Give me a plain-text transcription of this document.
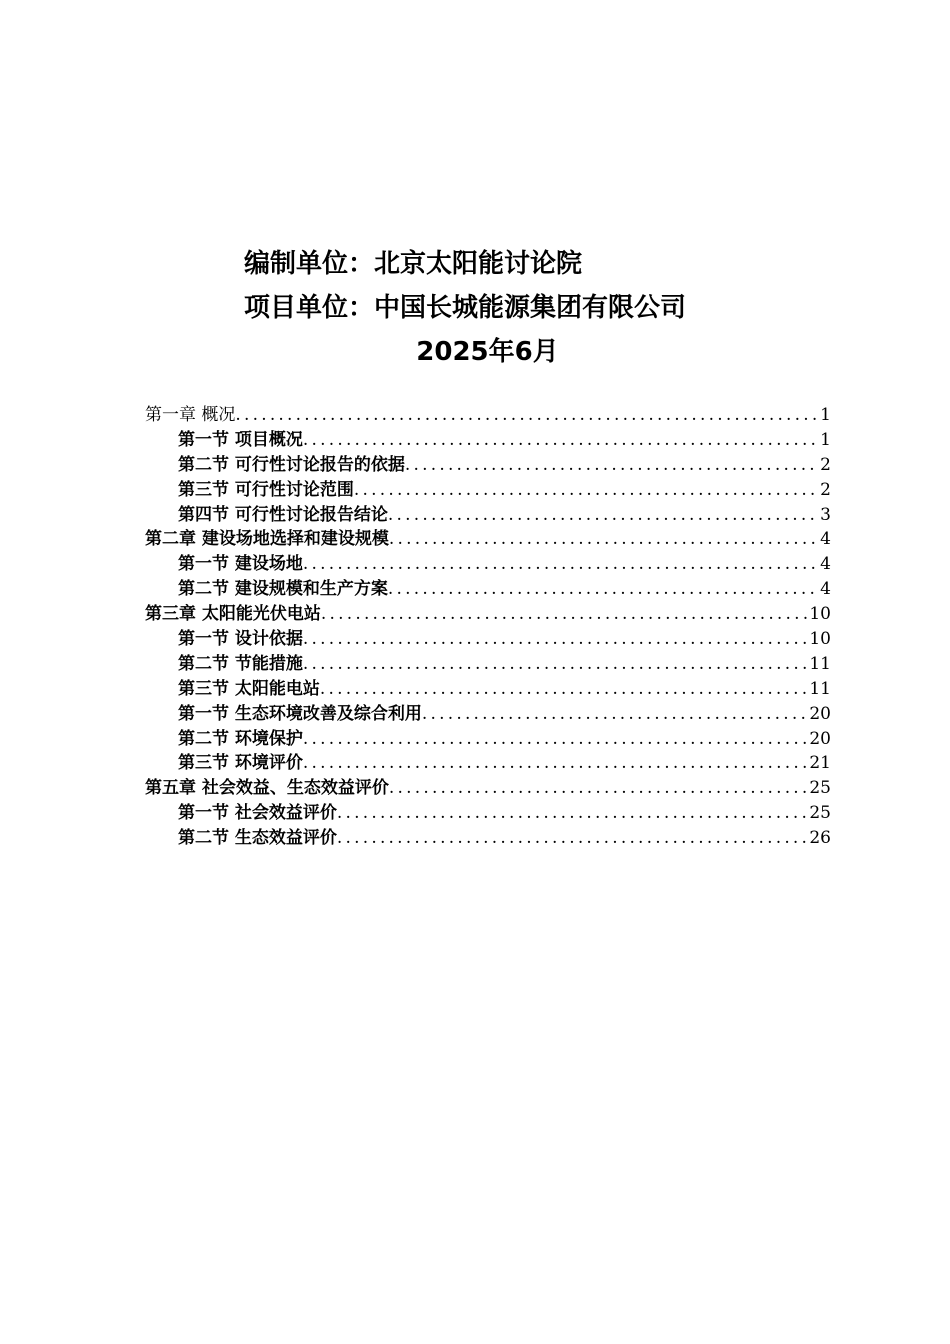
编制单位：北京太阳能讨论院
项目单位：中国长城能源集团有限公司
2025年6月
第一章 概况 .....	1
第一节 项目概况 .....	1
第二节 可行性讨论报告的依据 .....	2
第三节 可行性讨论范围 .....	2
第四节 可行性讨论报告结论 .....	3
第二章 建设场地选择和建设规模 .....	4
第一节 建设场地 .....	4
第二节 建设规模和生产方案 .....	4
第三章 太阳能光伏电站 .....	10
第一节 设计依据 .....	10
第二节 节能措施 .....	11
第三节 太阳能电站 .....	11
第一节 生态环境改善及综合利用 .....	20
第二节 环境保护 .....	20
第三节 环境评价 .....	21
第五章 社会效益、生态效益评价 .....	25
第一节 社会效益评价 .....	25
第二节 生态效益评价 .....	26
